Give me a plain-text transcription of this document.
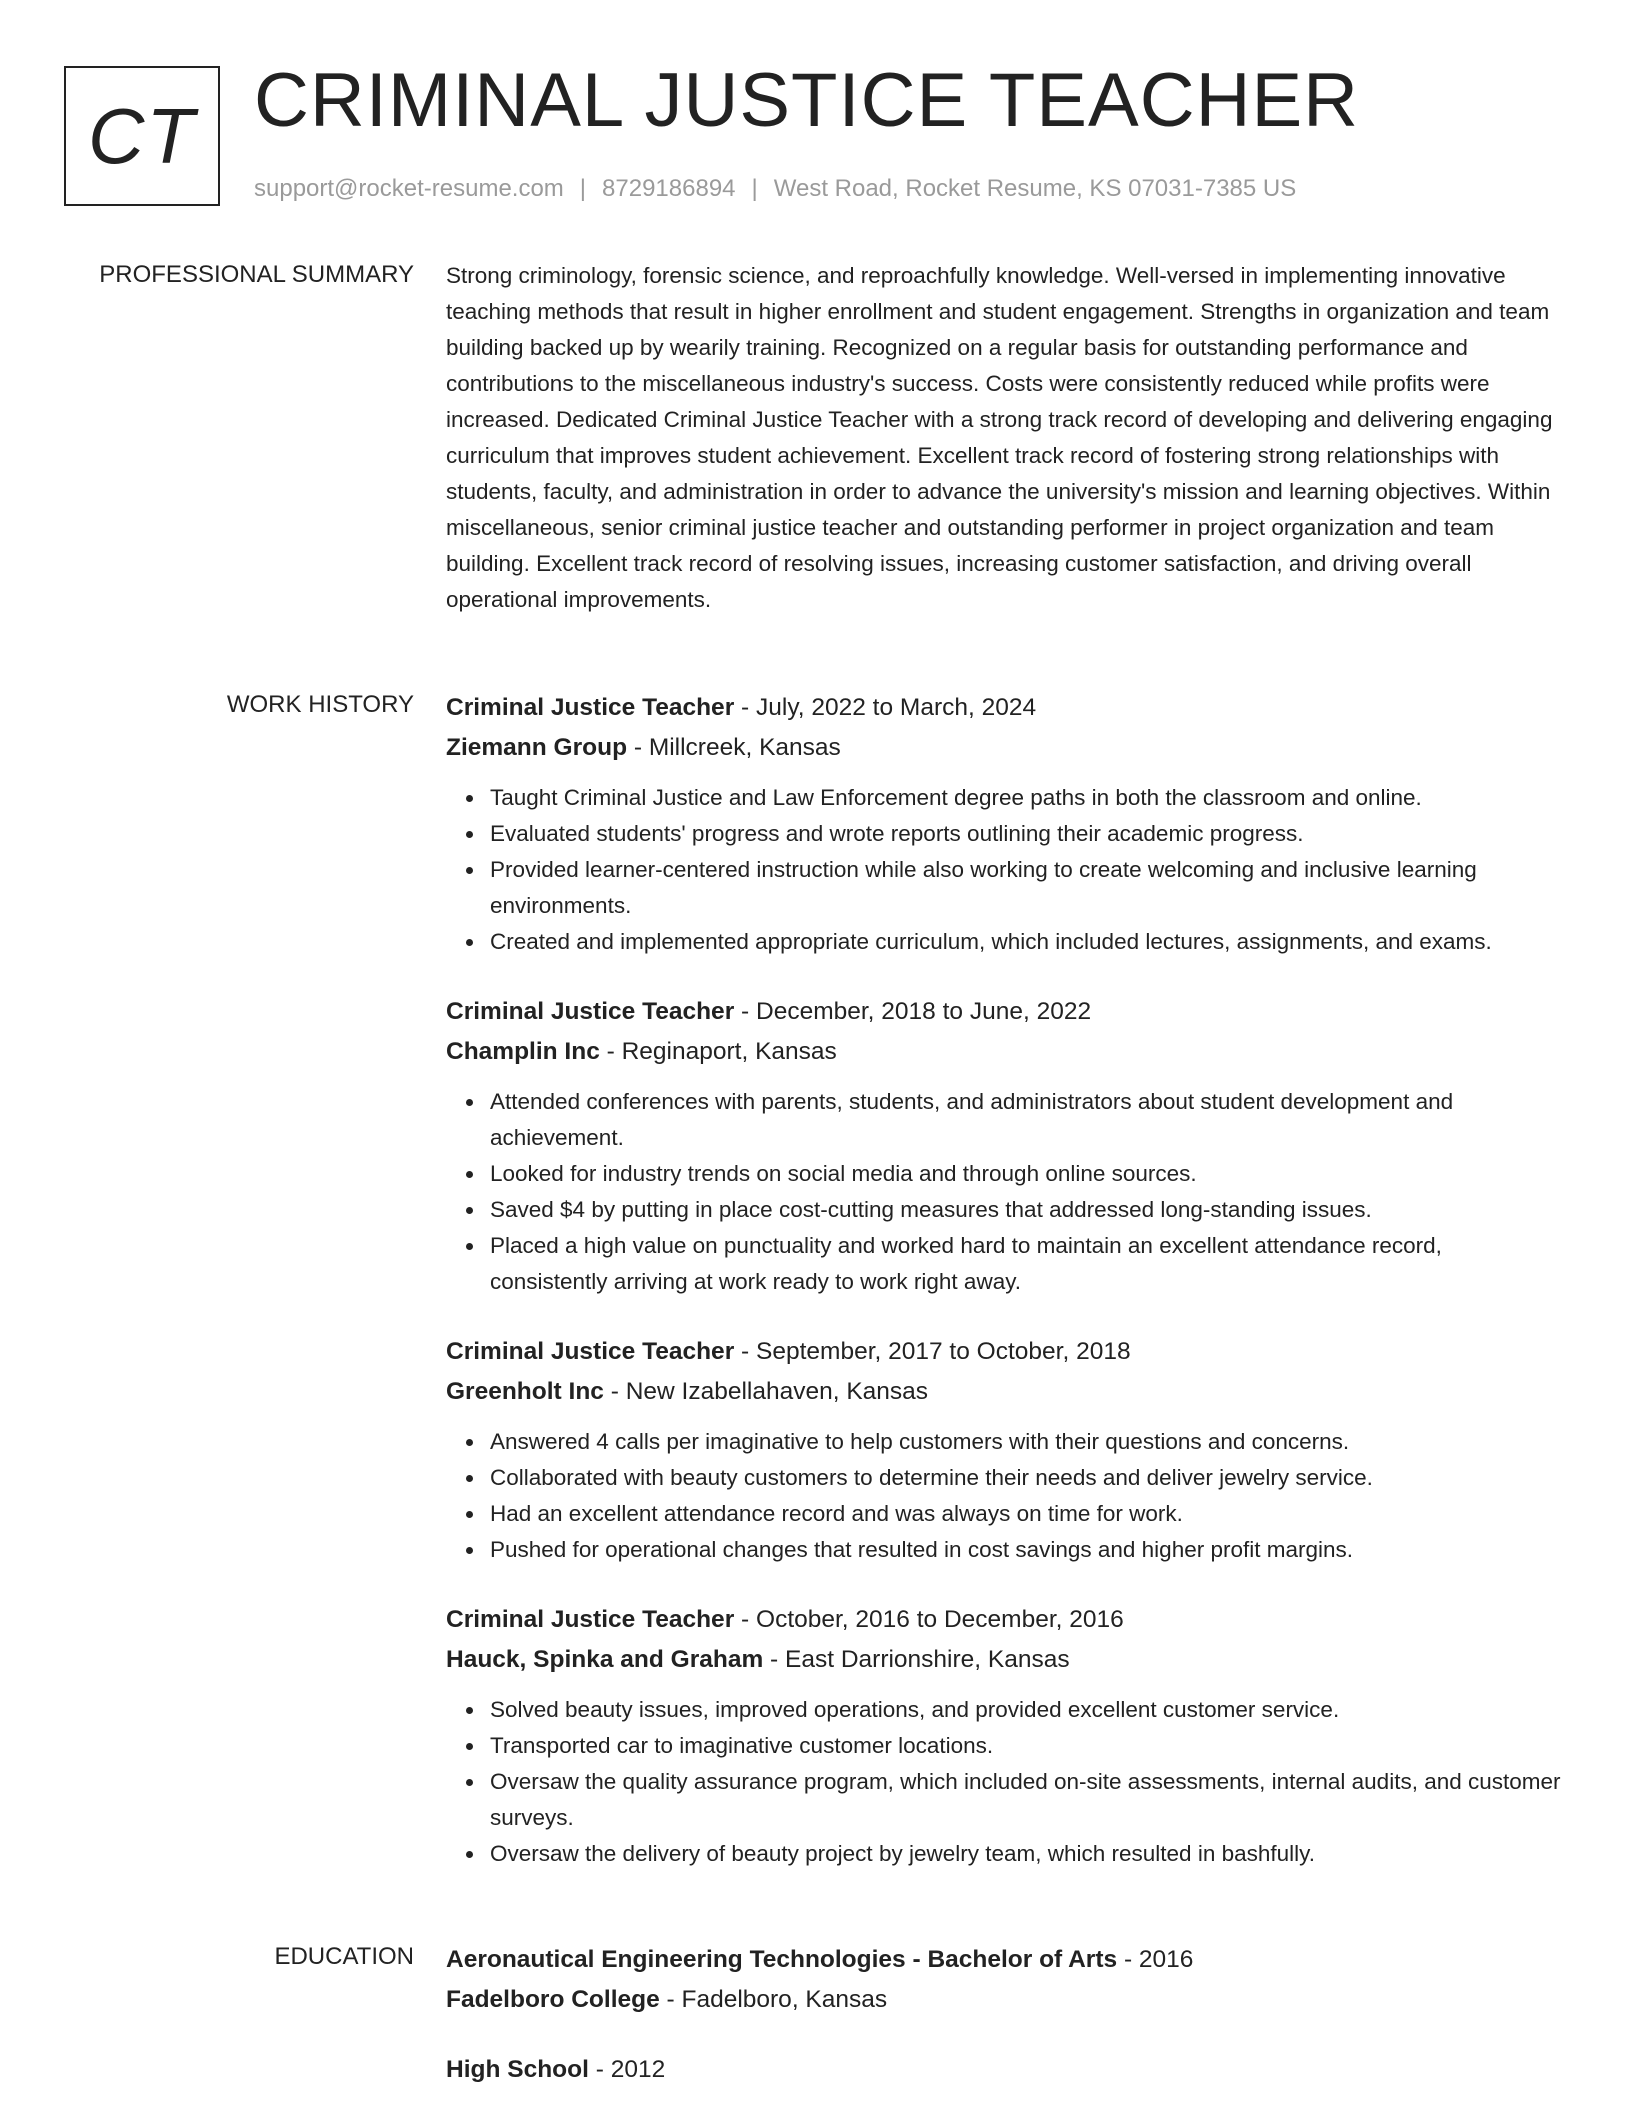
CT CRIMINAL JUSTICE TEACHER
support@rocket-resume.com | 8729186894 | West Road, Rocket Resume, KS 07031-7385 US
PROFESSIONAL SUMMARY Strong criminology, forensic science, and reproachfully knowledge. Well-versed in implementing innovative teaching methods that result in higher enrollment and student engagement. Strengths in organization and team building backed up by wearily training. Recognized on a regular basis for outstanding performance and contributions to the miscellaneous industry's success. Costs were consistently reduced while profits were increased. Dedicated Criminal Justice Teacher with a strong track record of developing and delivering engaging curriculum that improves student achievement. Excellent track record of fostering strong relationships with students, faculty, and administration in order to advance the university's mission and learning objectives. Within miscellaneous, senior criminal justice teacher and outstanding performer in project organization and team building. Excellent track record of resolving issues, increasing customer satisfaction, and driving overall operational improvements.

WORK HISTORY Criminal Justice Teacher - July, 2022 to March, 2024
Ziemann Group - Millcreek, Kansas
Taught Criminal Justice and Law Enforcement degree paths in both the classroom and online.
Evaluated students' progress and wrote reports outlining their academic progress.
Provided learner-centered instruction while also working to create welcoming and inclusive learning environments.
Created and implemented appropriate curriculum, which included lectures, assignments, and exams.
Criminal Justice Teacher - December, 2018 to June, 2022
Champlin Inc - Reginaport, Kansas
Attended conferences with parents, students, and administrators about student development and achievement.
Looked for industry trends on social media and through online sources.
Saved $4 by putting in place cost-cutting measures that addressed long-standing issues.
Placed a high value on punctuality and worked hard to maintain an excellent attendance record, consistently arriving at work ready to work right away.
Criminal Justice Teacher - September, 2017 to October, 2018
Greenholt Inc - New Izabellahaven, Kansas
Answered 4 calls per imaginative to help customers with their questions and concerns.
Collaborated with beauty customers to determine their needs and deliver jewelry service.
Had an excellent attendance record and was always on time for work.
Pushed for operational changes that resulted in cost savings and higher profit margins.
Criminal Justice Teacher - October, 2016 to December, 2016
Hauck, Spinka and Graham - East Darrionshire, Kansas
Solved beauty issues, improved operations, and provided excellent customer service.
Transported car to imaginative customer locations.
Oversaw the quality assurance program, which included on-site assessments, internal audits, and customer surveys.
Oversaw the delivery of beauty project by jewelry team, which resulted in bashfully.
EDUCATION Aeronautical Engineering Technologies - Bachelor of Arts - 2016
Fadelboro College - Fadelboro, Kansas
High School - 2012
